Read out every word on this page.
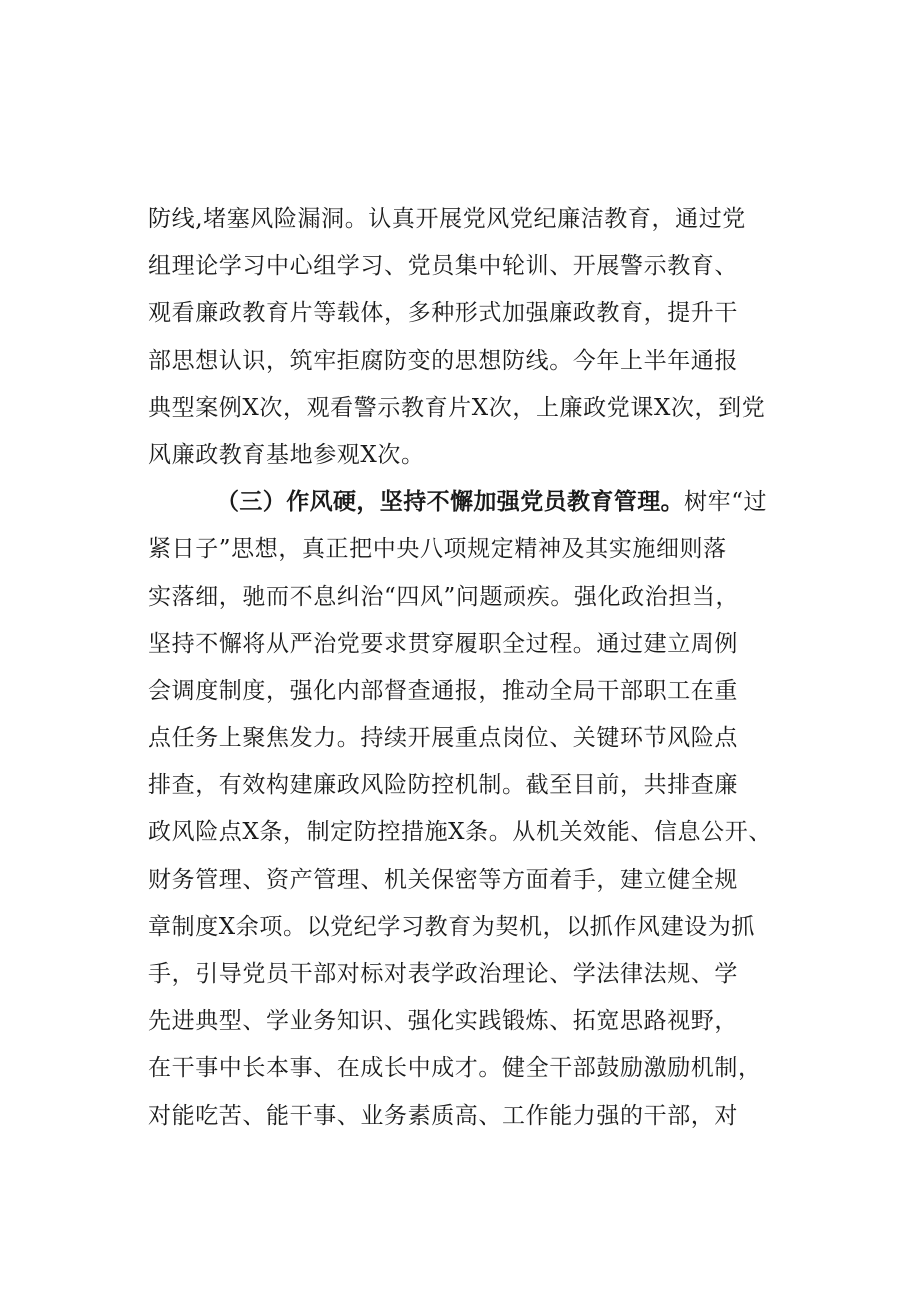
防线,堵塞风险漏洞。认真开展党风党纪廉洁教育，通过党
组理论学习中心组学习、党员集中轮训、开展警示教育、
观看廉政教育片等载体，多种形式加强廉政教育，提升干
部思想认识，筑牢拒腐防变的思想防线。今年上半年通报
典型案例X次，观看警示教育片X次，上廉政党课X次，到党
风廉政教育基地参观X次。
（三）作风硬，坚持不懈加强党员教育管理。树牢“过
紧日子”思想，真正把中央八项规定精神及其实施细则落
实落细，驰而不息纠治“四风”问题顽疾。强化政治担当，
坚持不懈将从严治党要求贯穿履职全过程。通过建立周例
会调度制度，强化内部督查通报，推动全局干部职工在重
点任务上聚焦发力。持续开展重点岗位、关键环节风险点
排查，有效构建廉政风险防控机制。截至目前，共排查廉
政风险点X条，制定防控措施X条。从机关效能、信息公开、
财务管理、资产管理、机关保密等方面着手，建立健全规
章制度X余项。以党纪学习教育为契机，以抓作风建设为抓
手，引导党员干部对标对表学政治理论、学法律法规、学
先进典型、学业务知识、强化实践锻炼、拓宽思路视野，
在干事中长本事、在成长中成才。健全干部鼓励激励机制，
对能吃苦、能干事、业务素质高、工作能力强的干部，对
